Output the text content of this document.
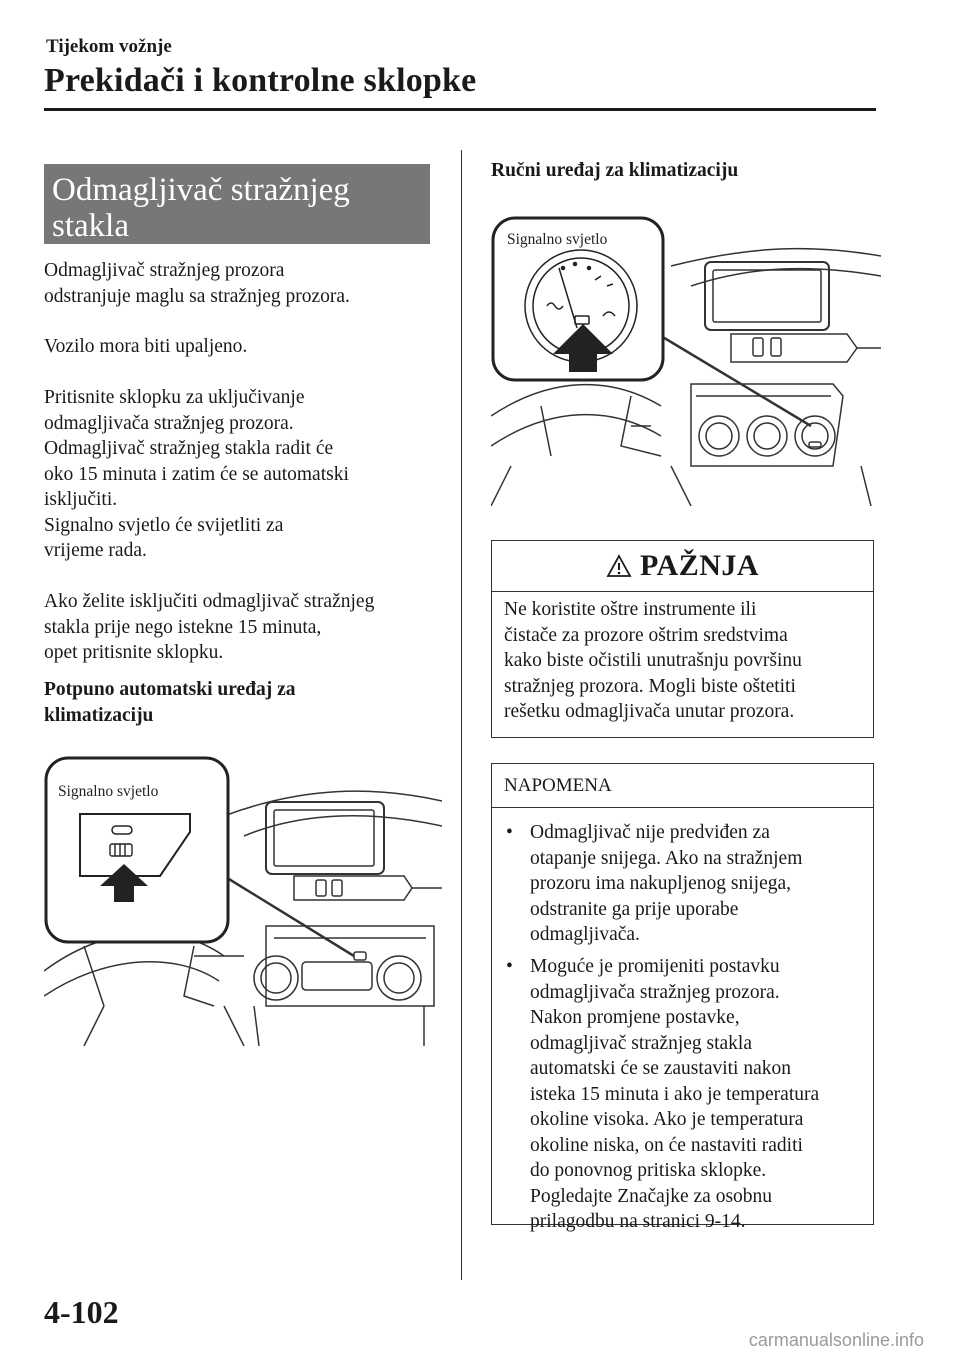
Tijekom vožnje
Prekidači i kontrolne sklopke
Odmagljivač stražnjeg
stakla
Odmagljivač stražnjeg prozora
odstranjuje maglu sa stražnjeg prozora.
Vozilo mora biti upaljeno.
Pritisnite sklopku za uključivanje
odmagljivača stražnjeg prozora.
Odmagljivač stražnjeg stakla radit će
oko 15 minuta i zatim će se automatski
isključiti.
Signalno svjetlo će svijetliti za
vrijeme rada.
Ako želite isključiti odmagljivač stražnjeg
stakla prije nego istekne 15 minuta,
opet pritisnite sklopku.
Potpuno automatski uređaj za
klimatizaciju
Signalno svjetlo
Ručni uređaj za klimatizaciju
Signalno svjetlo
PAŽNJA
Ne koristite oštre instrumente ili
čistače za prozore oštrim sredstvima
kako biste očistili unutrašnju površinu
stražnjeg prozora. Mogli biste oštetiti
rešetku odmagljivača unutar prozora.
NAPOMENA
• Odmagljivač nije predviđen za
otapanje snijega. Ako na stražnjem
prozoru ima nakupljenog snijega,
odstranite ga prije uporabe
odmagljivača.
• Moguće je promijeniti postavku
odmagljivača stražnjeg prozora.
Nakon promjene postavke,
odmagljivač stražnjeg stakla
automatski će se zaustaviti nakon
isteka 15 minuta i ako je temperatura
okoline visoka. Ako je temperatura
okoline niska, on će nastaviti raditi
do ponovnog pritiska sklopke.
Pogledajte Značajke za osobnu
prilagodbu na stranici 9-14.
4-102
carmanualsonline.info
